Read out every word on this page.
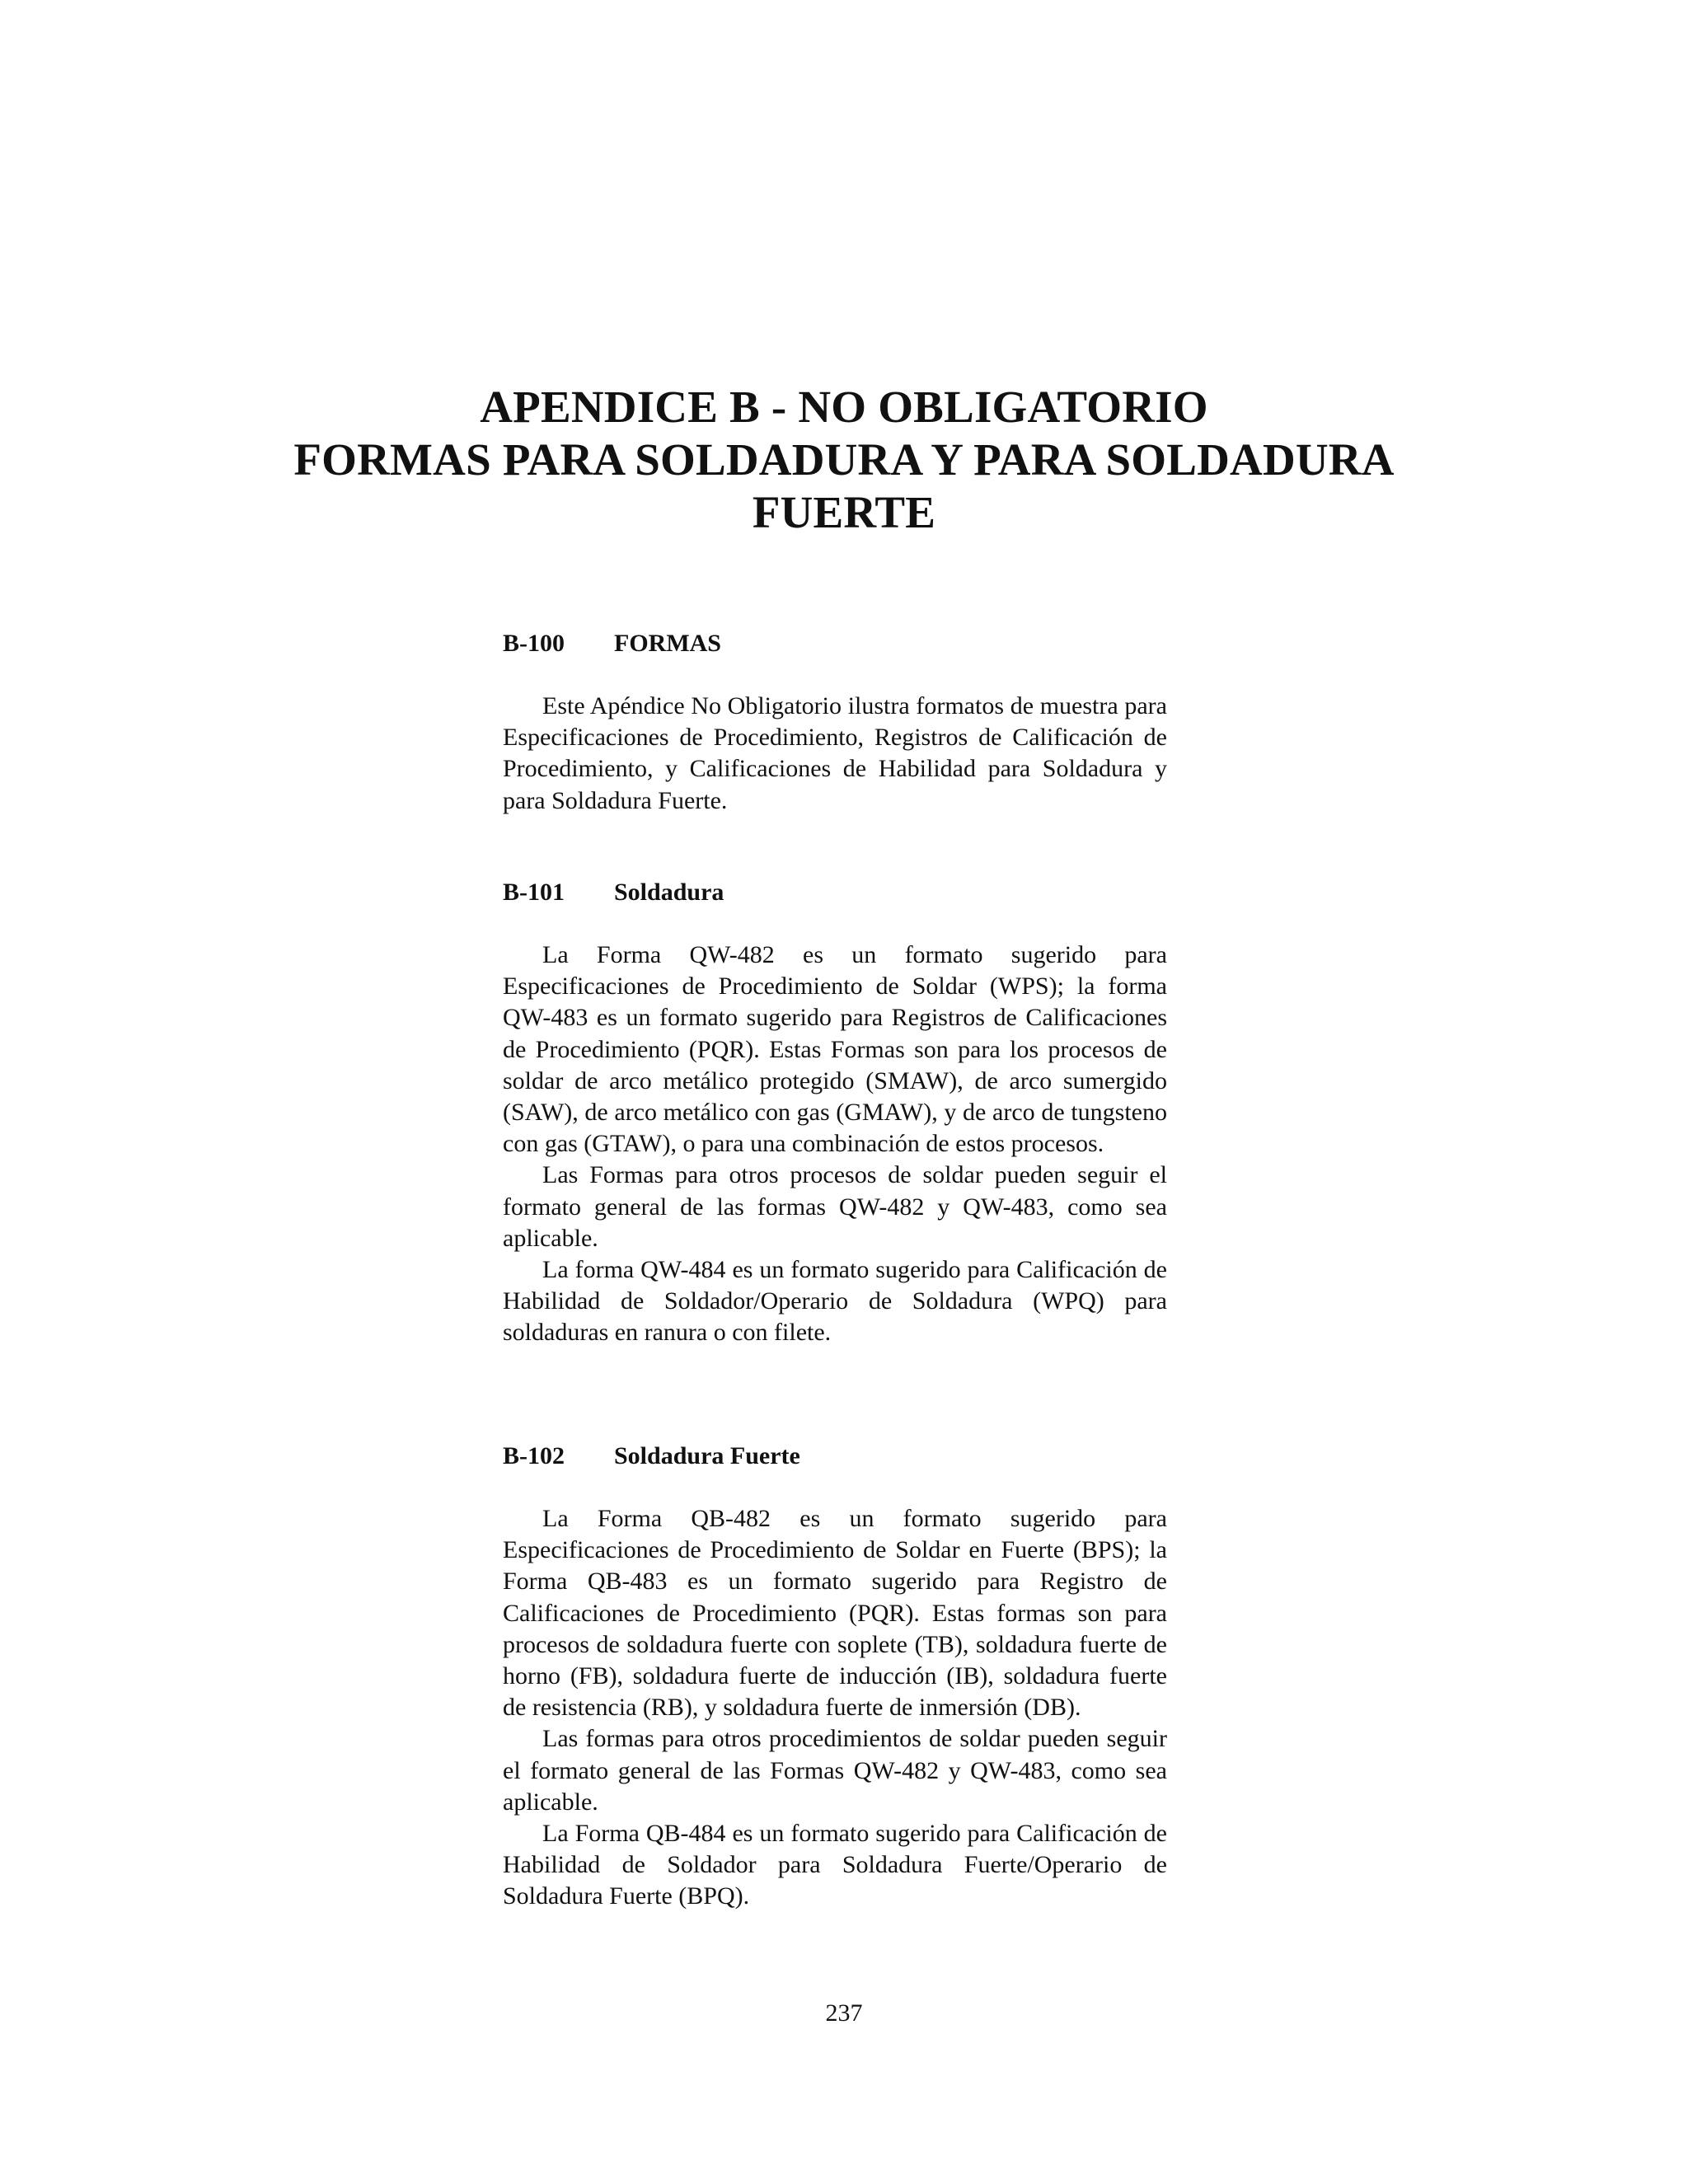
APENDICE B - NO OBLIGATORIO
FORMAS PARA SOLDADURA Y PARA SOLDADURA
FUERTE
B-100 FORMAS

Este Apéndice No Obligatorio ilustra formatos de muestra para Especificaciones de Procedimiento, Registros de Calificación de Procedimiento, y Calificaciones de Habilidad para Soldadura y para Soldadura Fuerte.

B-101 Soldadura

La Forma QW-482 es un formato sugerido para Especificaciones de Procedimiento de Soldar (WPS); la forma QW-483 es un formato sugerido para Registros de Calificaciones de Procedimiento (PQR). Estas Formas son para los procesos de soldar de arco metálico protegido (SMAW), de arco sumergido (SAW), de arco metálico con gas (GMAW), y de arco de tungsteno con gas (GTAW), o para una combinación de estos procesos.

Las Formas para otros procesos de soldar pueden seguir el formato general de las formas QW-482 y QW-483, como sea aplicable.

La forma QW-484 es un formato sugerido para Calificación de Habilidad de Soldador/Operario de Soldadura (WPQ) para soldaduras en ranura o con filete.

B-102 Soldadura Fuerte

La Forma QB-482 es un formato sugerido para Especificaciones de Procedimiento de Soldar en Fuerte (BPS); la Forma QB-483 es un formato sugerido para Registro de Calificaciones de Procedimiento (PQR). Estas formas son para procesos de soldadura fuerte con soplete (TB), soldadura fuerte de horno (FB), soldadura fuerte de inducción (IB), soldadura fuerte de resistencia (RB), y soldadura fuerte de inmersión (DB).

Las formas para otros procedimientos de soldar pueden seguir el formato general de las Formas QW-482 y QW-483, como sea aplicable.

La Forma QB-484 es un formato sugerido para Calificación de Habilidad de Soldador para Soldadura Fuerte/Operario de Soldadura Fuerte (BPQ).

237
